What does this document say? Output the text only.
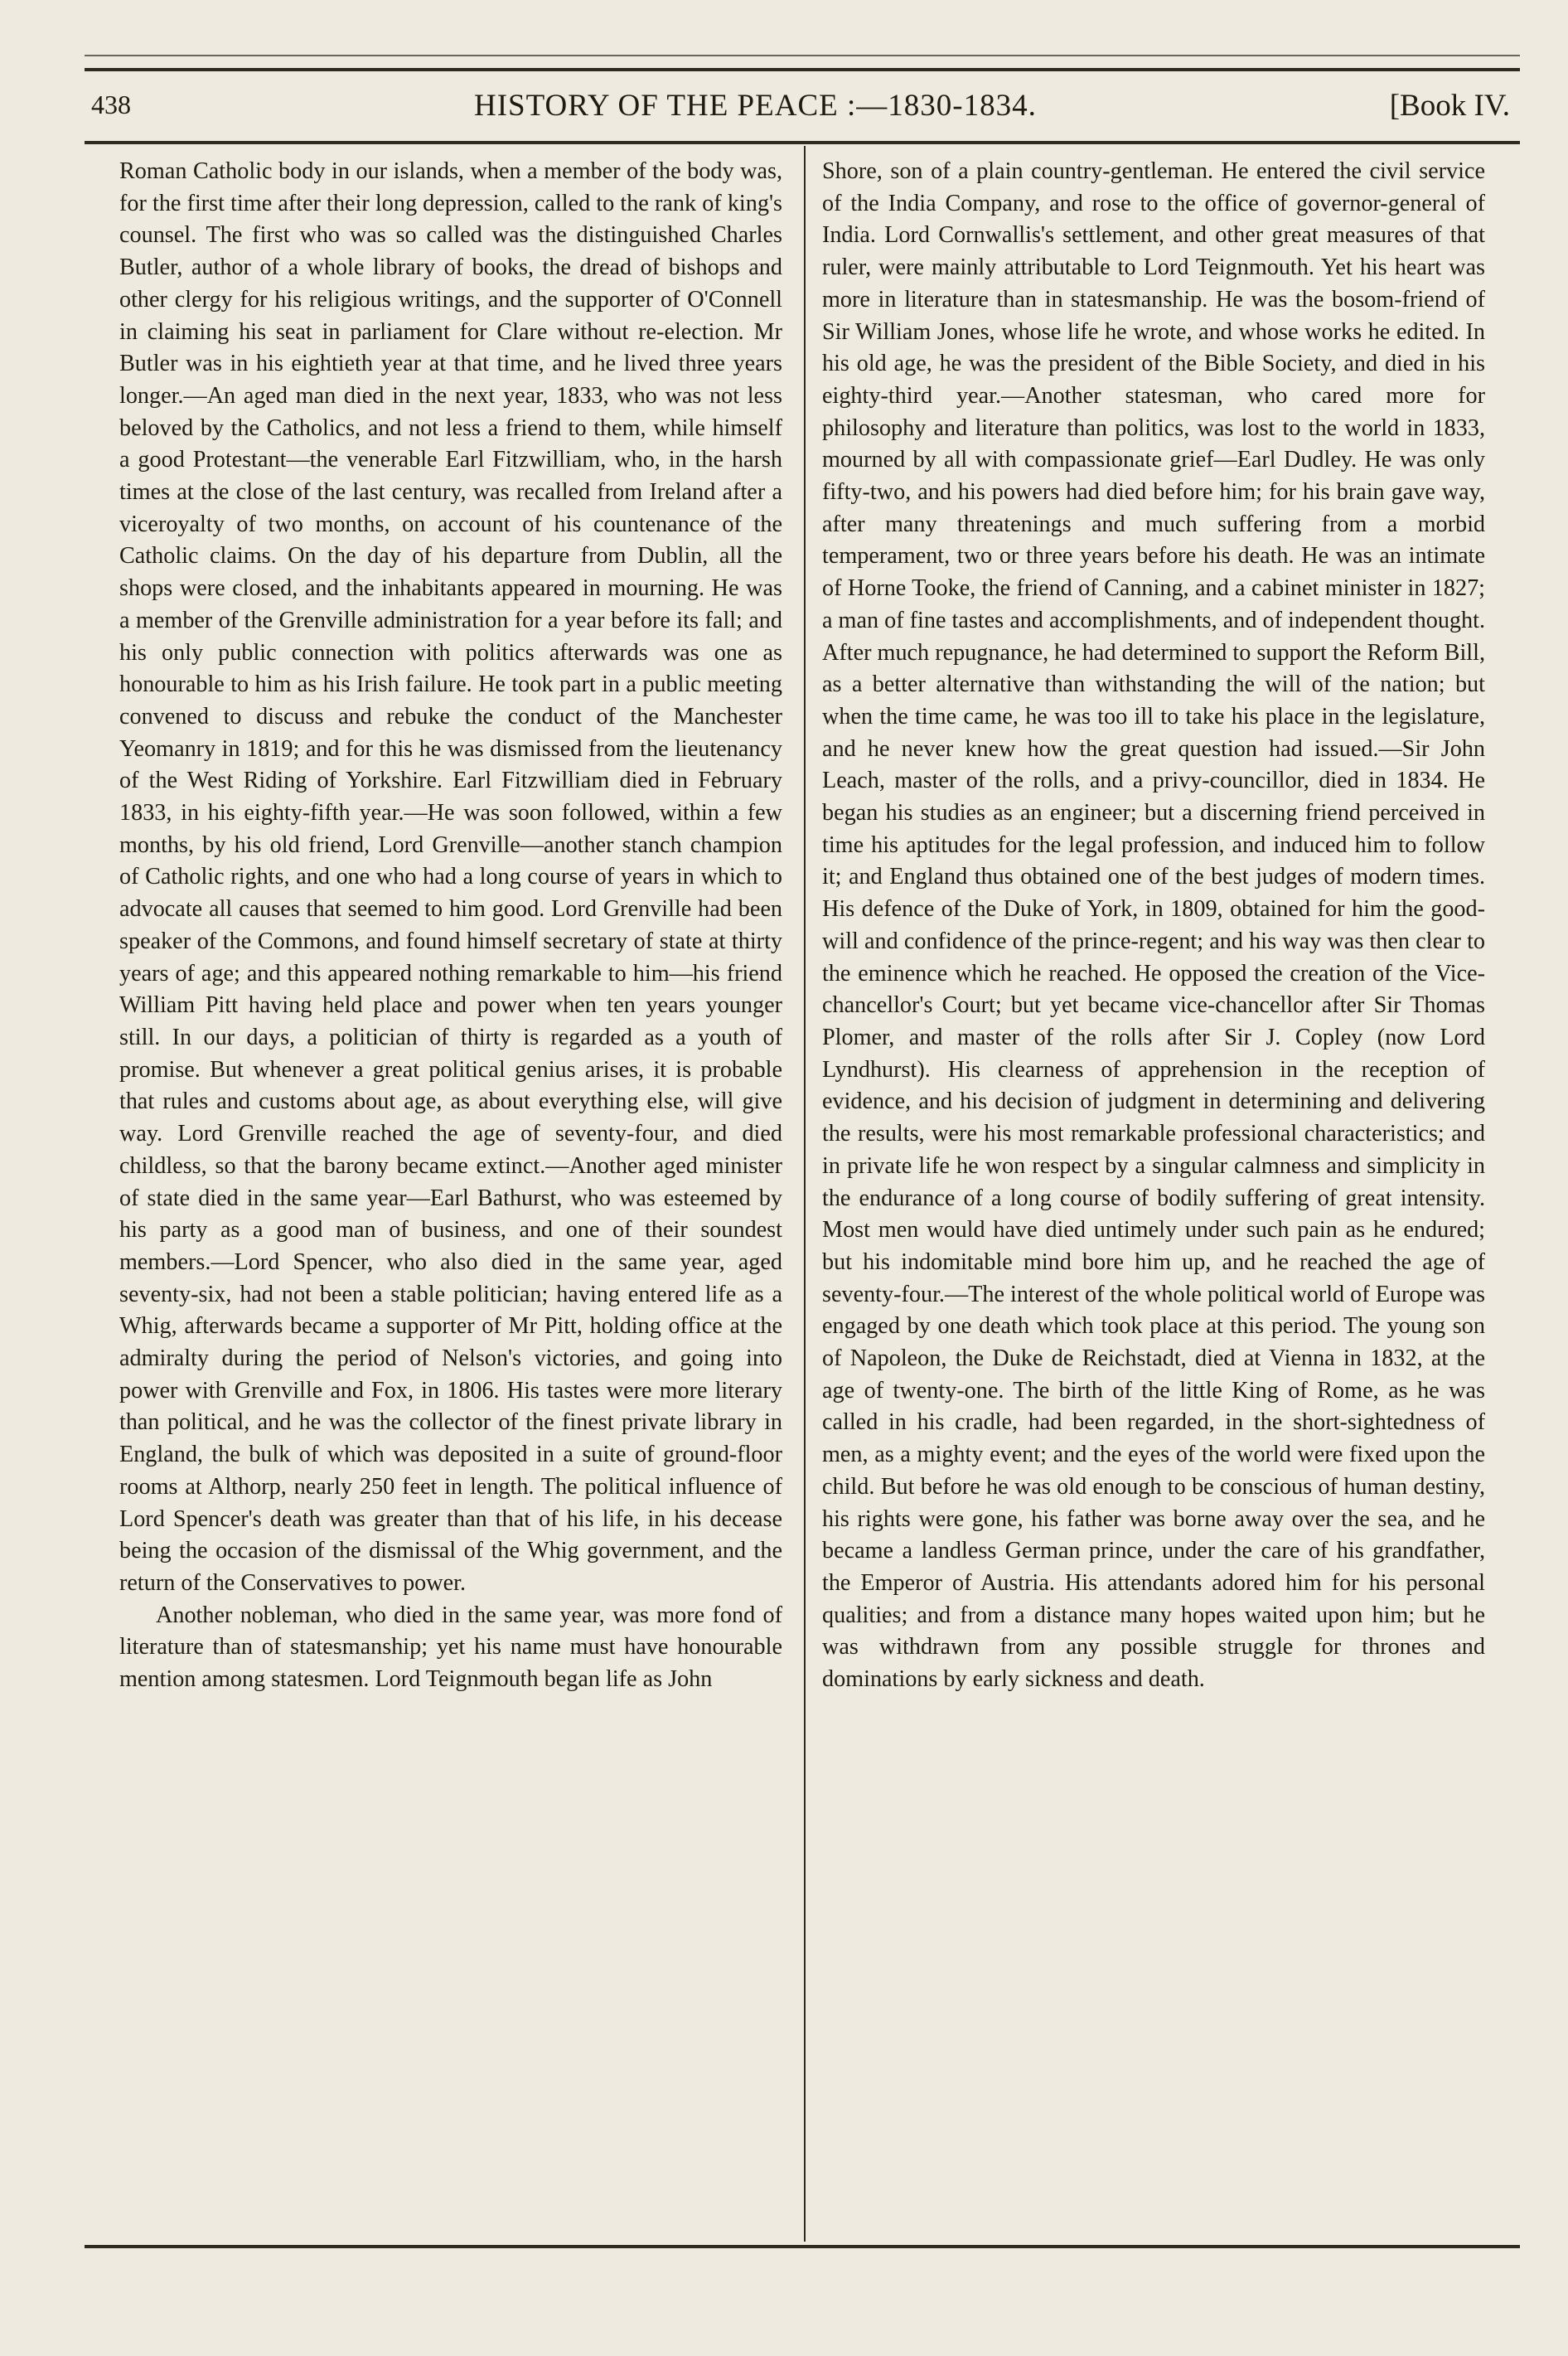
438	HISTORY OF THE PEACE :—1830-1834.	[Book IV.

Roman Catholic body in our islands, when a member of the body was, for the first time after their long depression, called to the rank of king's counsel. The first who was so called was the distinguished Charles Butler, author of a whole library of books, the dread of bishops and other clergy for his religious writings, and the supporter of O'Connell in claiming his seat in parliament for Clare without re-election. Mr Butler was in his eightieth year at that time, and he lived three years longer.—An aged man died in the next year, 1833, who was not less beloved by the Catholics, and not less a friend to them, while himself a good Protestant—the venerable Earl Fitzwilliam, who, in the harsh times at the close of the last century, was recalled from Ireland after a viceroyalty of two months, on account of his countenance of the Catholic claims. On the day of his departure from Dublin, all the shops were closed, and the inhabitants appeared in mourning. He was a member of the Grenville administration for a year before its fall; and his only public connection with politics afterwards was one as honourable to him as his Irish failure. He took part in a public meeting convened to discuss and rebuke the conduct of the Manchester Yeomanry in 1819; and for this he was dismissed from the lieutenancy of the West Riding of Yorkshire. Earl Fitzwilliam died in February 1833, in his eighty-fifth year.—He was soon followed, within a few months, by his old friend, Lord Grenville—another stanch champion of Catholic rights, and one who had a long course of years in which to advocate all causes that seemed to him good. Lord Grenville had been speaker of the Commons, and found himself secretary of state at thirty years of age; and this appeared nothing remarkable to him—his friend William Pitt having held place and power when ten years younger still. In our days, a politician of thirty is regarded as a youth of promise. But whenever a great political genius arises, it is probable that rules and customs about age, as about everything else, will give way. Lord Grenville reached the age of seventy-four, and died childless, so that the barony became extinct.—Another aged minister of state died in the same year—Earl Bathurst, who was esteemed by his party as a good man of business, and one of their soundest members.—Lord Spencer, who also died in the same year, aged seventy-six, had not been a stable politician; having entered life as a Whig, afterwards became a supporter of Mr Pitt, holding office at the admiralty during the period of Nelson's victories, and going into power with Grenville and Fox, in 1806. His tastes were more literary than political, and he was the collector of the finest private library in England, the bulk of which was deposited in a suite of ground-floor rooms at Althorp, nearly 250 feet in length. The political influence of Lord Spencer's death was greater than that of his life, in his decease being the occasion of the dismissal of the Whig government, and the return of the Conservatives to power.

Another nobleman, who died in the same year, was more fond of literature than of statesmanship; yet his name must have honourable mention among statesmen. Lord Teignmouth began life as John

Shore, son of a plain country-gentleman. He entered the civil service of the India Company, and rose to the office of governor-general of India. Lord Cornwallis's settlement, and other great measures of that ruler, were mainly attributable to Lord Teignmouth. Yet his heart was more in literature than in statesmanship. He was the bosom-friend of Sir William Jones, whose life he wrote, and whose works he edited. In his old age, he was the president of the Bible Society, and died in his eighty-third year.—Another statesman, who cared more for philosophy and literature than politics, was lost to the world in 1833, mourned by all with compassionate grief—Earl Dudley. He was only fifty-two, and his powers had died before him; for his brain gave way, after many threatenings and much suffering from a morbid temperament, two or three years before his death. He was an intimate of Horne Tooke, the friend of Canning, and a cabinet minister in 1827; a man of fine tastes and accomplishments, and of independent thought. After much repugnance, he had determined to support the Reform Bill, as a better alternative than withstanding the will of the nation; but when the time came, he was too ill to take his place in the legislature, and he never knew how the great question had issued.—Sir John Leach, master of the rolls, and a privy-councillor, died in 1834. He began his studies as an engineer; but a discerning friend perceived in time his aptitudes for the legal profession, and induced him to follow it; and England thus obtained one of the best judges of modern times. His defence of the Duke of York, in 1809, obtained for him the good-will and confidence of the prince-regent; and his way was then clear to the eminence which he reached. He opposed the creation of the Vice-chancellor's Court; but yet became vice-chancellor after Sir Thomas Plomer, and master of the rolls after Sir J. Copley (now Lord Lyndhurst). His clearness of apprehension in the reception of evidence, and his decision of judgment in determining and delivering the results, were his most remarkable professional characteristics; and in private life he won respect by a singular calmness and simplicity in the endurance of a long course of bodily suffering of great intensity. Most men would have died untimely under such pain as he endured; but his indomitable mind bore him up, and he reached the age of seventy-four.—The interest of the whole political world of Europe was engaged by one death which took place at this period. The young son of Napoleon, the Duke de Reichstadt, died at Vienna in 1832, at the age of twenty-one. The birth of the little King of Rome, as he was called in his cradle, had been regarded, in the short-sightedness of men, as a mighty event; and the eyes of the world were fixed upon the child. But before he was old enough to be conscious of human destiny, his rights were gone, his father was borne away over the sea, and he became a landless German prince, under the care of his grandfather, the Emperor of Austria. His attendants adored him for his personal qualities; and from a distance many hopes waited upon him; but he was withdrawn from any possible struggle for thrones and dominations by early sickness and death.
